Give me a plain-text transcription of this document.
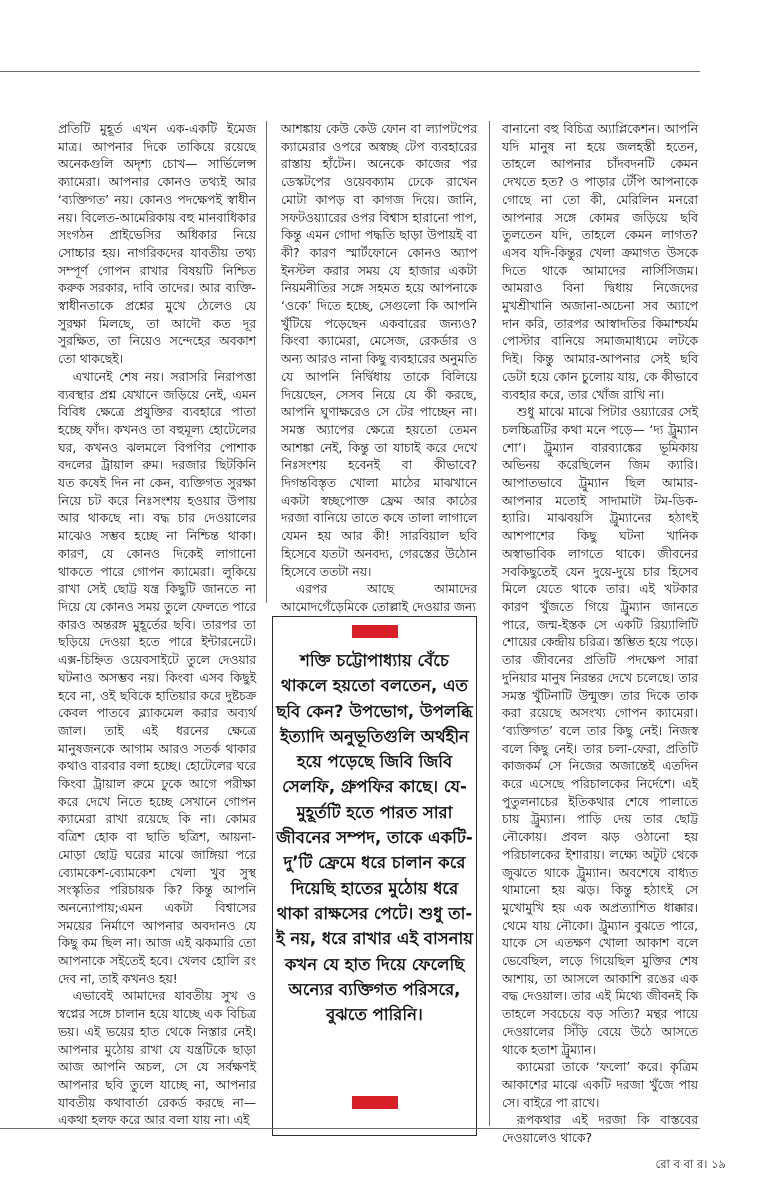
প্রতিটি মুহূর্ত এখন এক-একটি ইমেজ মাত্র। আপনার দিকে তাকিয়ে রয়েছে অনেকগুলি অদৃশ্য চোখ— সার্ভিলেন্স ক্যামেরা। আপনার কোনও তথ্যই আর ‘ব্যক্তিগত’ নয়। কোনও পদক্ষেপই স্বাধীন নয়। বিলেত-আমেরিকায় বহু মানবাধিকার সংগঠন প্রাইভেসির অধিকার নিয়ে সোচ্চার হয়। নাগরিকদের যাবতীয় তথ্য সম্পূর্ণ গোপন রাখার বিষয়টি নিশ্চিত করুক সরকার, দাবি তাদের। আর ব্যক্তি-স্বাধীনতাকে প্রশ্নের মুখে ঠেলেও যে সুরক্ষা মিলছে, তা আদৌ কত দূর সুরক্ষিত, তা নিয়েও সন্দেহের অবকাশ তো থাকছেই।

এখানেই শেষ নয়। সরাসরি নিরাপত্তা ব্যবস্থার প্রশ্ন যেখানে জড়িয়ে নেই, এমন বিবিধ ক্ষেত্রে প্রযুক্তির ব্যবহারে পাতা হচ্ছে ফাঁদ। কখনও তা বহুমূল্য হোটেলের ঘর, কখনও ঝলমলে বিপণির পোশাক বদলের ট্রায়াল রুম। দরজার ছিটকিনি যত কষেই দিন না কেন, ব্যক্তিগত সুরক্ষা নিয়ে চট করে নিঃসংশয় হওয়ার উপায় আর থাকছে না। বদ্ধ চার দেওয়ালের মাঝেও সম্ভব হচ্ছে না নিশ্চিন্ত থাকা। কারণ, যে কোনও দিকেই লাগানো থাকতে পারে গোপন ক্যামেরা। লুকিয়ে রাখা সেই ছোট্ট যন্ত্র কিছুটি জানতে না দিয়ে যে কোনও সময় তুলে ফেলতে পারে কারও অন্তরঙ্গ মুহূর্তের ছবি। তারপর তা ছড়িয়ে দেওয়া হতে পারে ইন্টারনেটে। এক্স-চিহ্নিত ওয়েবসাইটে তুলে দেওয়ার ঘটনাও অসম্ভব নয়। কিংবা এসব কিছুই হবে না, ওই ছবিকে হাতিয়ার করে দুষ্টচক্র কেবল পাতবে ব্ল্যাকমেল করার অব্যর্থ জাল। তাই এই ধরনের ক্ষেত্রে মানুষজনকে আগাম আরও সতর্ক থাকার কথাও বারবার বলা হচ্ছে। হোটেলের ঘরে কিংবা ট্রায়াল রুমে ঢুকে আগে পরীক্ষা করে দেখে নিতে হচ্ছে সেখানে গোপন ক্যামেরা রাখা রয়েছে কি না। কোমর বত্রিশ হোক বা ছাতি ছত্রিশ, আয়না-মোড়া ছোট্ট ঘরের মাঝে জাঙ্গিয়া পরে ব্যোমকেশ-ব্যোমকেশ খেলা খুব সুস্থ সংস্কৃতির পরিচায়ক কি? কিন্তু আপনি অনন্যোপায়;এমন একটা বিশ্বাসের সময়ের নির্মাণে আপনার অবদানও যে কিছু কম ছিল না। আজ এই ঝকমারি তো আপনাকে সইতেই হবে। খেলব হোলি রং দেব না, তাই কখনও হয়!

এভাবেই আমাদের যাবতীয় সুখ ও স্বপ্নের সঙ্গে চালান হয়ে যাচ্ছে এক বিচিত্র ভয়। এই ভয়ের হাত থেকে নিস্তার নেই। আপনার মুঠোয় রাখা যে যন্ত্রটিকে ছাড়া আজ আপনি অচল, সে যে সর্বক্ষণই আপনার ছবি তুলে যাচ্ছে না, আপনার যাবতীয় কথাবার্তা রেকর্ড করছে না— একথা হলফ করে আর বলা যায় না। এই

আশঙ্কায় কেউ কেউ ফোন বা ল্যাপটপের ক্যামেরার ওপরে অস্বচ্ছ টেপ ব্যবহারের রাস্তায় হাঁটেন। অনেকে কাজের পর ডেস্কটপের ওয়েবক্যাম ঢেকে রাখেন মোটা কাপড় বা কাগজ দিয়ে। জানি, সফটওয়্যারের ওপর বিশ্বাস হারানো পাপ, কিন্তু এমন গোদা পদ্ধতি ছাড়া উপায়ই বা কী? কারণ স্মার্টফোনে কোনও অ্যাপ ইনস্টল করার সময় যে হাজার একটা নিয়মনীতির সঙ্গে সহমত হয়ে আপনাকে ‘ওকে’ দিতে হচ্ছে, সেগুলো কি আপনি খুঁটিয়ে পড়েছেন একবারের জন্যও? কিংবা ক্যামেরা, মেসেজ, রেকর্ডার ও অন্য আরও নানা কিছু ব্যবহারের অনুমতি যে আপনি নির্দ্বিধায় তাকে বিলিয়ে দিয়েছেন, সেসব নিয়ে যে কী করছে, আপনি ঘুণাক্ষরেও সে টের পাচ্ছেন না। সমস্ত অ্যাপের ক্ষেত্রে হয়তো তেমন আশঙ্কা নেই, কিন্তু তা যাচাই করে দেখে নিঃসংশয় হবেনই বা কীভাবে? দিগন্তবিস্তৃত খোলা মাঠের মাঝখানে একটা স্বচ্ছপোক্ত ফ্রেম আর কাঠের দরজা বানিয়ে তাতে কষে তালা লাগালে যেমন হয় আর কী! সারবিয়াল ছবি হিসেবে যতটা অনবদ্য, গেরস্তের উঠোন হিসেবে ততটা নয়।

এরপর আছে আমাদের আমোদগেঁড়েমিকে তোল্লাই দেওয়ার জন্য

শক্তি চট্টোপাধ্যায় বেঁচে থাকলে হয়তো বলতেন, এত ছবি কেন? উপভোগ, উপলব্ধি ইত্যাদি অনুভূতিগুলি অর্থহীন হয়ে পড়েছে জিবি জিবি সেলফি, গ্রুপফির কাছে। যে-মুহূর্তটি হতে পারত সারা জীবনের সম্পদ, তাকে একটি-দু’টি ফ্রেমে ধরে চালান করে দিয়েছি হাতের মুঠোয় ধরে থাকা রাক্ষসের পেটে। শুধু তা-ই নয়, ধরে রাখার এই বাসনায় কখন যে হাত দিয়ে ফেলেছি অন্যের ব্যক্তিগত পরিসরে, বুঝতে পারিনি।

বানানো বহু বিচিত্র অ্যাপ্লিকেশন। আপনি যদি মানুষ না হয়ে জলহস্তী হতেন, তাহলে আপনার চাঁদবদনটি কেমন দেখতে হত? ও পাড়ার টেঁপি আপনাকে গোছে না তো কী, মেরিলিন মনরো আপনার সঙ্গে কোমর জড়িয়ে ছবি তুলতেন যদি, তাহলে কেমন লাগত? এসব যদি-কিন্তুর খেলা ক্রমাগত উসকে দিতে থাকে আমাদের নার্সিসিজম। আমরাও বিনা দ্বিধায় নিজেদের মুখশ্রীখানি অজানা-অচেনা সব অ্যাপে দান করি, তারপর আস্বাদতির কিমাশ্চর্যম পোস্টার বানিয়ে সমাজমাধ্যমে লটকে দিই। কিন্তু আমার-আপনার সেই ছবি ডেটা হয়ে কোন চুলোয় যায়, কে কীভাবে ব্যবহার করে, তার খোঁজ রাখি না।

শুধু মাঝে মাঝে পিটার ওয়্যারের সেই চলচ্চিত্রটির কথা মনে পড়ে— ‘দ্য ট্রুম্যান শো’। ট্রুম্যান বারব্যাঙ্কের ভূমিকায় অভিনয় করেছিলেন জিম ক্যারি। আপাতভাবে ট্রুম্যান ছিল আমার-আপনার মতোই সাদামাটা টম-ডিক-হ্যারি। মাঝবয়সি ট্রুম্যানের হঠাৎই আশপাশের কিছু ঘটনা খানিক অস্বাভাবিক লাগতে থাকে। জীবনের সবকিছুতেই যেন দুয়ে-দুয়ে চার হিসেব মিলে যেতে থাকে তার। এই খটকার কারণ খুঁজতে গিয়ে ট্রুম্যান জানতে পারে, জন্ম-ইস্তক সে একটি রিয়্যালিটি শোয়ের কেন্দ্রীয় চরিত্র। স্তম্ভিত হয়ে পড়ে। তার জীবনের প্রতিটি পদক্ষেপ সারা দুনিয়ার মানুষ নিরন্তর দেখে চলেছে। তার সমস্ত খুঁটিনাটি উন্মুক্ত। তার দিকে তাক করা রয়েছে অসংখ্য গোপন ক্যামেরা। ‘ব্যক্তিগত’ বলে তার কিছু নেই। নিজস্ব বলে কিছু নেই। তার চলা-ফেরা, প্রতিটি কাজকর্ম সে নিজের অজান্তেই এতদিন করে এসেছে পরিচালকের নির্দেশে। এই পুতুলনাচের ইতিকথার শেষে পালাতে চায় ট্রুম্যান। পাড়ি দেয় তার ছোট্ট নৌকোয়। প্রবল ঝড় ওঠানো হয় পরিচালকের ইশারায়। লক্ষ্যে অটুট থেকে জুঝতে থাকে ট্রুম্যান। অবশেষে বাধ্যত থামানো হয় ঝড়। কিন্তু হঠাৎই সে মুখোমুখি হয় এক অপ্রত্যাশিত ধাক্কার। থেমে যায় নৌকো। ট্রুম্যান বুঝতে পারে, যাকে সে এতক্ষণ খোলা আকাশ বলে ভেবেছিল, লড়ে গিয়েছিল মুক্তির শেষ আশায়, তা আসলে আকাশি রঙের এক বদ্ধ দেওয়াল। তার এই মিথ্যে জীবনই কি তাহলে সবচেয়ে বড় সত্যি? মন্থর পায়ে দেওয়ালের সিঁড়ি বেয়ে উঠে আসতে থাকে হতাশ ট্রুম্যান।

ক্যামেরা তাকে ‘ফলো’ করে। কৃত্রিম আকাশের মাঝে একটি দরজা খুঁজে পায় সে। বাইরে পা রাখে।

রূপকথার এই দরজা কি বাস্তবের দেওয়ালেও থাকে?

রো ব বা র। ১৯
